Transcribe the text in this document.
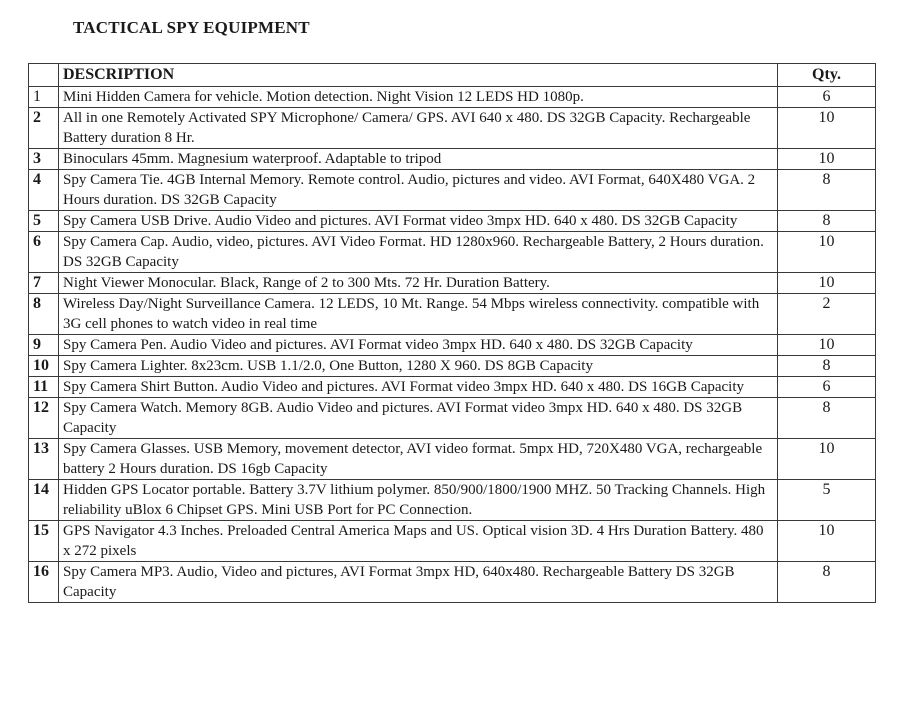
TACTICAL SPY EQUIPMENT
	DESCRIPTION	Qty.
1	Mini Hidden Camera for vehicle. Motion detection. Night Vision 12 LEDS HD 1080p.	6
2	All in one Remotely Activated SPY Microphone/ Camera/ GPS. AVI 640 x 480. DS 32GB Capacity. Rechargeable Battery duration 8 Hr.	10
3	Binoculars 45mm. Magnesium waterproof. Adaptable to tripod	10
4	Spy Camera Tie. 4GB Internal Memory. Remote control. Audio, pictures and video. AVI Format, 640X480 VGA. 2 Hours duration. DS 32GB Capacity	8
5	Spy Camera USB Drive. Audio Video and pictures. AVI Format video 3mpx HD. 640 x 480. DS 32GB Capacity	8
6	Spy Camera Cap. Audio, video, pictures. AVI Video Format. HD 1280x960. Rechargeable Battery, 2 Hours duration. DS 32GB Capacity	10
7	Night Viewer Monocular. Black, Range of 2 to 300 Mts. 72 Hr. Duration Battery.	10
8	Wireless Day/Night Surveillance Camera. 12 LEDS, 10 Mt. Range. 54 Mbps wireless connectivity. compatible with 3G cell phones to watch video in real time	2
9	Spy Camera Pen. Audio Video and pictures. AVI Format video 3mpx HD. 640 x 480. DS 32GB Capacity	10
10	Spy Camera Lighter. 8x23cm. USB 1.1/2.0, One Button, 1280 X 960. DS 8GB Capacity	8
11	Spy Camera Shirt Button. Audio Video and pictures. AVI Format video 3mpx HD. 640 x 480. DS 16GB Capacity	6
12	Spy Camera Watch. Memory 8GB. Audio Video and pictures. AVI Format video 3mpx HD. 640 x 480. DS 32GB Capacity	8
13	Spy Camera Glasses. USB Memory, movement detector, AVI video format. 5mpx HD, 720X480 VGA, rechargeable battery 2 Hours duration. DS 16gb Capacity	10
14	Hidden GPS Locator portable. Battery 3.7V lithium polymer. 850/900/1800/1900 MHZ. 50 Tracking Channels. High reliability uBlox 6 Chipset GPS. Mini USB Port for PC Connection.	5
15	GPS Navigator 4.3 Inches. Preloaded Central America Maps and US. Optical vision 3D. 4 Hrs Duration Battery. 480 x 272 pixels	10
16	Spy Camera MP3. Audio, Video and pictures, AVI Format 3mpx HD, 640x480. Rechargeable Battery DS 32GB Capacity	8
